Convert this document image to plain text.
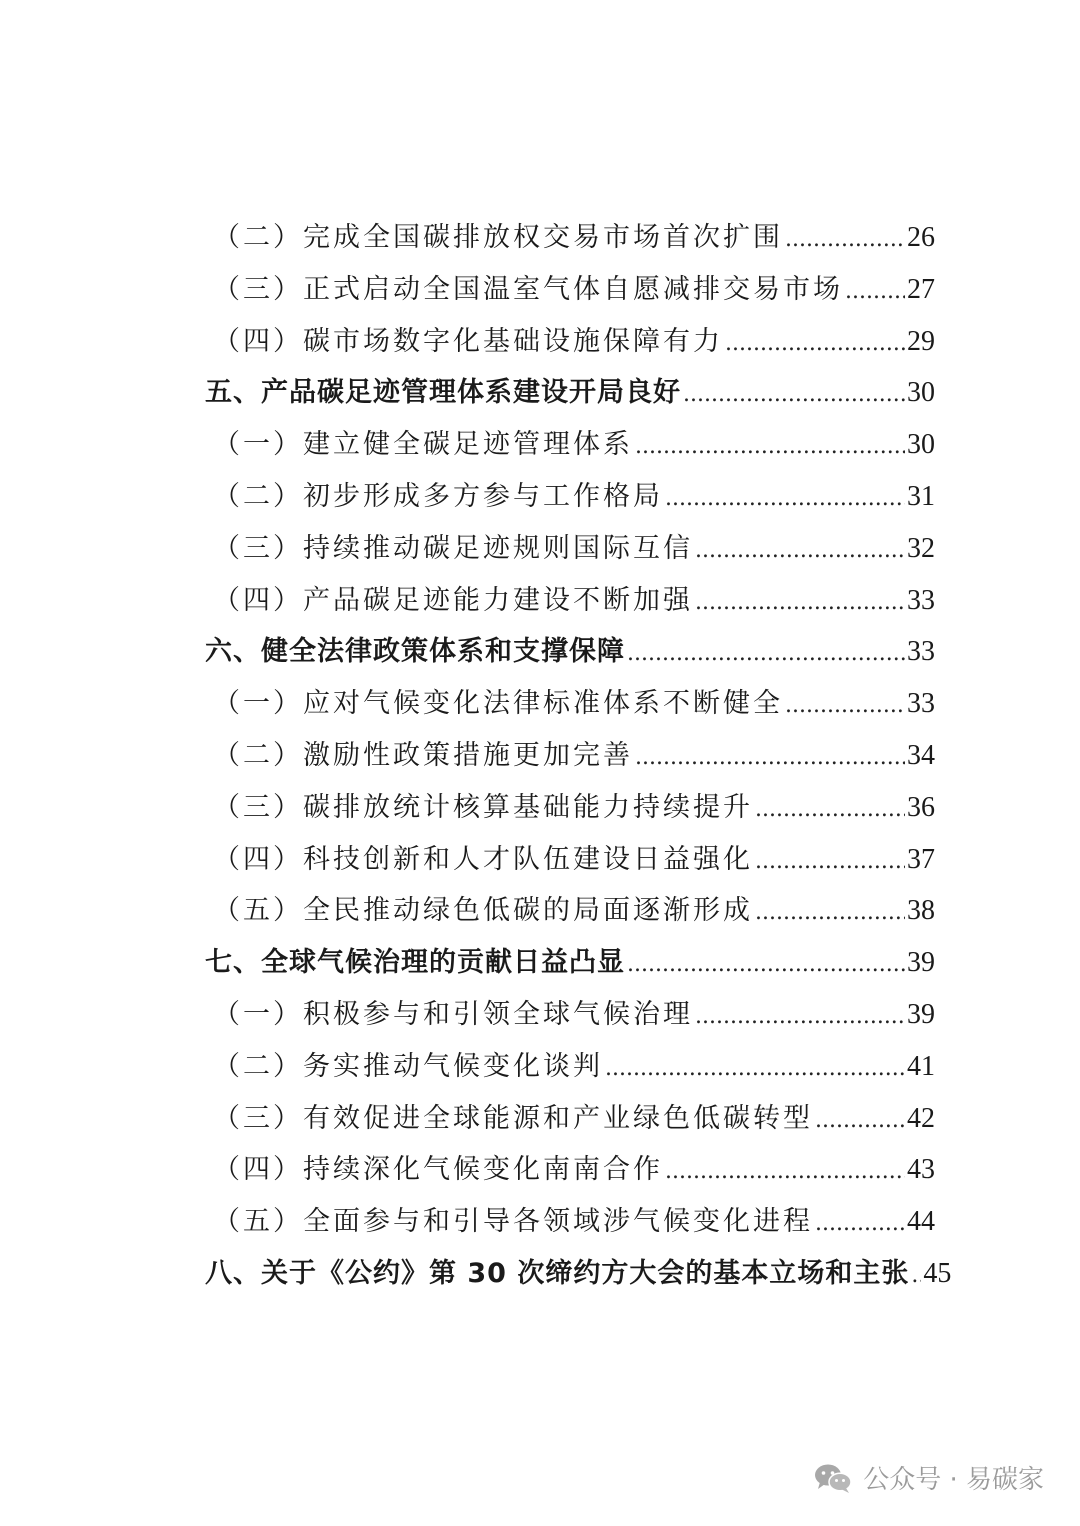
（二） 完成全国碳排放权交易市场首次扩围 .....	26
（三） 正式启动全国温室气体自愿减排交易市场 ..... 27
（四） 碳市场数字化基础设施保障有力 .....	29
五、 产品碳足迹管理体系建设开局良好 .....	30
（一） 建立健全碳足迹管理体系 .....	30
（二） 初步形成多方参与工作格局 .....	31
（三） 持续推动碳足迹规则国际互信 .....	32
（四） 产品碳足迹能力建设不断加强 .....	33
六、 健全法律政策体系和支撑保障 .....	33
（一） 应对气候变化法律标准体系不断健全 .....	33
（二） 激励性政策措施更加完善 .....	34
（三） 碳排放统计核算基础能力持续提升 .....	36
（四） 科技创新和人才队伍建设日益强化 .....	37
（五） 全民推动绿色低碳的局面逐渐形成 .....	38
七、 全球气候治理的贡献日益凸显 .....	39
（一） 积极参与和引领全球气候治理 .....	39
（二） 务实推动气候变化谈判 .....	41
（三） 有效促进全球能源和产业绿色低碳转型 .....	42
（四） 持续深化气候变化南南合作 .....	43
（五） 全面参与和引导各领域涉气候变化进程 .....	44
八、 关于《公约》第 30 次缔约方大会的基本立场和主张 ..... 45
公众号 · 易碳家
